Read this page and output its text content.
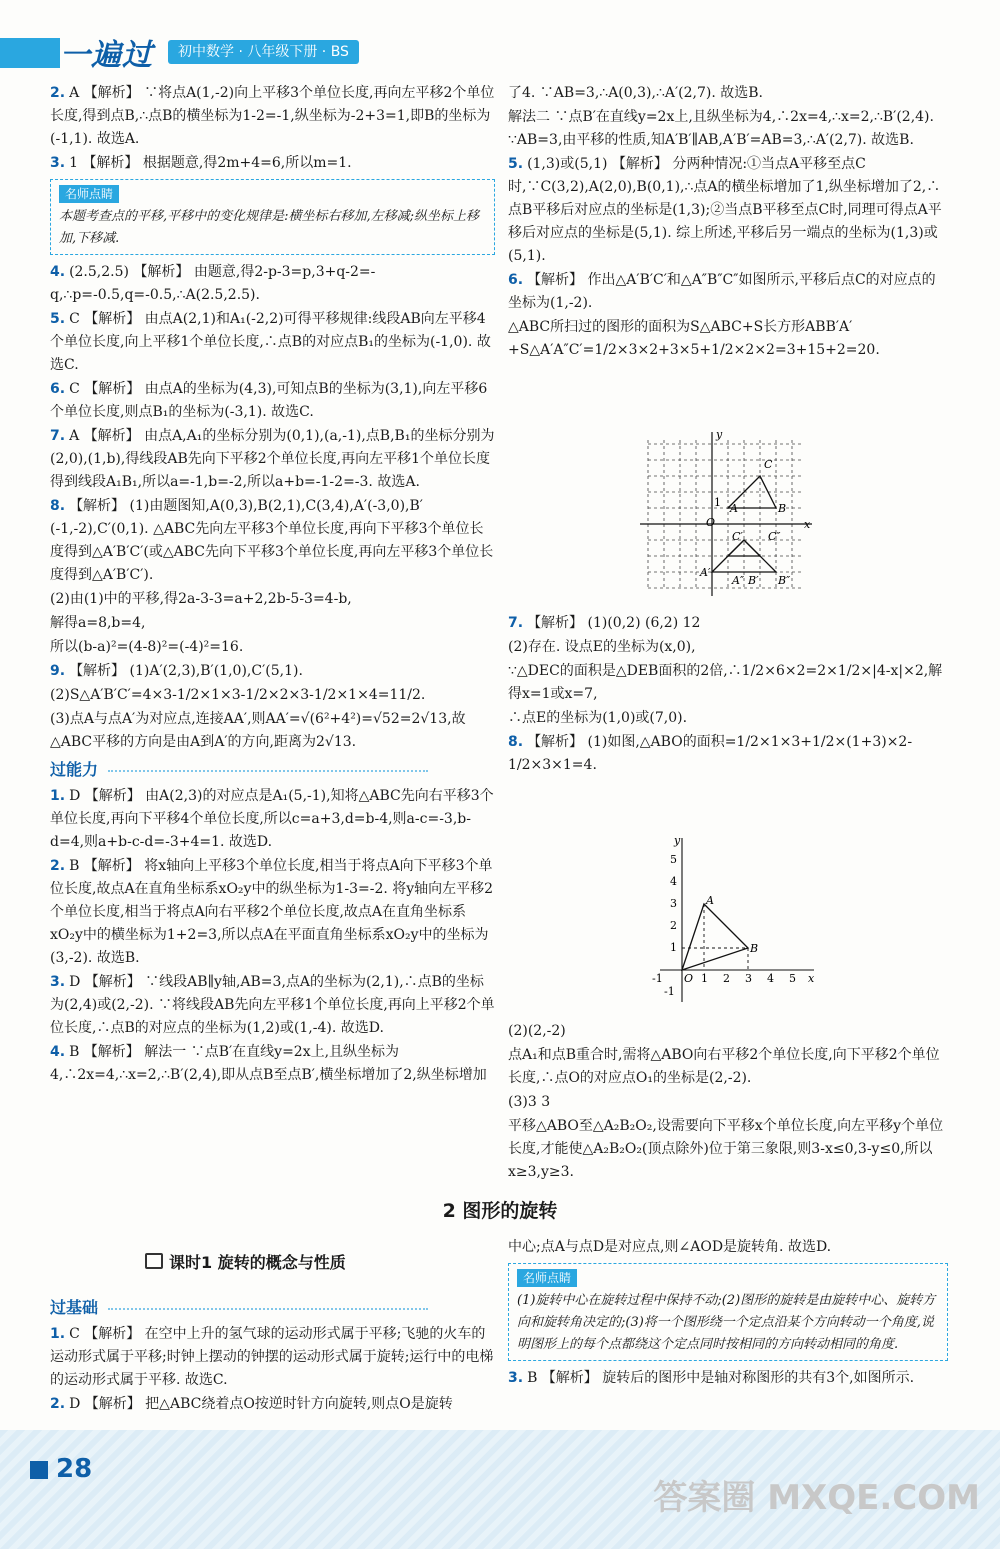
一遍过	初中数学 · 八年级下册 · BS

2. A 【解析】 ∵将点A(1,-2)向上平移3个单位长度,再向左平移2个单位长度,得到点B,∴点B的横坐标为1-2=-1,纵坐标为-2+3=1,即B的坐标为(-1,1). 故选A.

3. 1 【解析】 根据题意,得2m+4=6,所以m=1.

名师点睛
本题考查点的平移,平移中的变化规律是:横坐标右移加,左移减;纵坐标上移加,下移减.

4. (2.5,2.5) 【解析】 由题意,得2-p-3=p,3+q-2=-q,∴p=-0.5,q=-0.5,∴A(2.5,2.5).

5. C 【解析】 由点A(2,1)和A₁(-2,2)可得平移规律:线段AB向左平移4个单位长度,向上平移1个单位长度,∴点B的对应点B₁的坐标为(-1,0). 故选C.

6. C 【解析】 由点A的坐标为(4,3),可知点B的坐标为(3,1),向左平移6个单位长度,则点B₁的坐标为(-3,1). 故选C.

7. A 【解析】 由点A,A₁的坐标分别为(0,1),(a,-1),点B,B₁的坐标分别为(2,0),(1,b),得线段AB先向下平移2个单位长度,再向左平移1个单位长度得到线段A₁B₁,所以a=-1,b=-2,所以a+b=-1-2=-3. 故选A.

8. 【解析】 (1)由题图知,A(0,3),B(2,1),C(3,4),A′(-3,0),B′(-1,-2),C′(0,1). △ABC先向左平移3个单位长度,再向下平移3个单位长度得到△A′B′C′(或△ABC先向下平移3个单位长度,再向左平移3个单位长度得到△A′B′C′).

(2)由(1)中的平移,得2a-3-3=a+2,2b-5-3=4-b,

解得a=8,b=4,

所以(b-a)²=(4-8)²=(-4)²=16.

9. 【解析】 (1)A′(2,3),B′(1,0),C′(5,1).

(2)S△A′B′C′=4×3-1/2×1×3-1/2×2×3-1/2×1×4=11/2.

(3)点A与点A′为对应点,连接AA′,则AA′=√(6²+4²)=√52=2√13,故△ABC平移的方向是由A到A′的方向,距离为2√13.

过能力

1. D 【解析】 由A(2,3)的对应点是A₁(5,-1),知将△ABC先向右平移3个单位长度,再向下平移4个单位长度,所以c=a+3,d=b-4,则a-c=-3,b-d=4,则a+b-c-d=-3+4=1. 故选D.

2. B 【解析】 将x轴向上平移3个单位长度,相当于将点A向下平移3个单位长度,故点A在直角坐标系xO₂y中的纵坐标为1-3=-2. 将y轴向左平移2个单位长度,相当于将点A向右平移2个单位长度,故点A在直角坐标系xO₂y中的横坐标为1+2=3,所以点A在平面直角坐标系xO₂y中的坐标为(3,-2). 故选B.

3. D 【解析】 ∵线段AB∥y轴,AB=3,点A的坐标为(2,1),∴点B的坐标为(2,4)或(2,-2). ∵将线段AB先向左平移1个单位长度,再向上平移2个单位长度,∴点B的对应点的坐标为(1,2)或(1,-4). 故选D.

4. B 【解析】 解法一 ∵点B′在直线y=2x上,且纵坐标为4,∴2x=4,∴x=2,∴B′(2,4),即从点B至点B′,横坐标增加了2,纵坐标增加

了4. ∵AB=3,∴A(0,3),∴A′(2,7). 故选B.

解法二 ∵点B′在直线y=2x上,且纵坐标为4,∴2x=4,∴x=2,∴B′(2,4). ∵AB=3,由平移的性质,知A′B′∥AB,A′B′=AB=3,∴A′(2,7). 故选B.

5. (1,3)或(5,1) 【解析】 分两种情况:①当点A平移至点C时,∵C(3,2),A(2,0),B(0,1),∴点A的横坐标增加了1,纵坐标增加了2,∴点B平移后对应点的坐标是(1,3);②当点B平移至点C时,同理可得点A平移后对应点的坐标是(5,1). 综上所述,平移后另一端点的坐标为(1,3)或(5,1).

6. 【解析】 作出△A′B′C′和△A″B″C″如图所示,平移后点C的对应点的坐标为(1,-2).

△ABC所扫过的图形的面积为S△ABC+S长方形ABB′A′+S△A′A″C′=1/2×3×2+3×5+1/2×2×2=3+15+2=20.

y
x
O
1 A	B
C
C′ C″
A′
A″ B′ B″

7. 【解析】 (1)(0,2) (6,2) 12

(2)存在. 设点E的坐标为(x,0),

∵△DEC的面积是△DEB面积的2倍,∴1/2×6×2=2×1/2×|4-x|×2,解得x=1或x=7,

∴点E的坐标为(1,0)或(7,0).

8. 【解析】 (1)如图,△ABO的面积=1/2×1×3+1/2×(1+3)×2-1/2×3×1=4.

y
x
O
A
B
5
4
3
2
1
-1
-1	1 2 3 4 5

(2)(2,-2)

点A₁和点B重合时,需将△ABO向右平移2个单位长度,向下平移2个单位长度,∴点O的对应点O₁的坐标是(2,-2).

(3)3 3

平移△ABO至△A₂B₂O₂,设需要向下平移x个单位长度,向左平移y个单位长度,才能使△A₂B₂O₂(顶点除外)位于第三象限,则3-x≤0,3-y≤0,所以x≥3,y≥3.

2 图形的旋转
课时1 旋转的概念与性质
过基础

1. C 【解析】 在空中上升的氢气球的运动形式属于平移;飞驰的火车的运动形式属于平移;时钟上摆动的钟摆的运动形式属于旋转;运行中的电梯的运动形式属于平移. 故选C.

2. D 【解析】 把△ABC绕着点O按逆时针方向旋转,则点O是旋转

中心;点A与点D是对应点,则∠AOD是旋转角. 故选D.

名师点睛
(1)旋转中心在旋转过程中保持不动;(2)图形的旋转是由旋转中心、旋转方向和旋转角决定的;(3)将一个图形绕一个定点沿某个方向转动一个角度,说明图形上的每个点都绕这个定点同时按相同的方向转动相同的角度.

3. B 【解析】 旋转后的图形中是轴对称图形的共有3个,如图所示.

28
答案圈 MXQE.COM
